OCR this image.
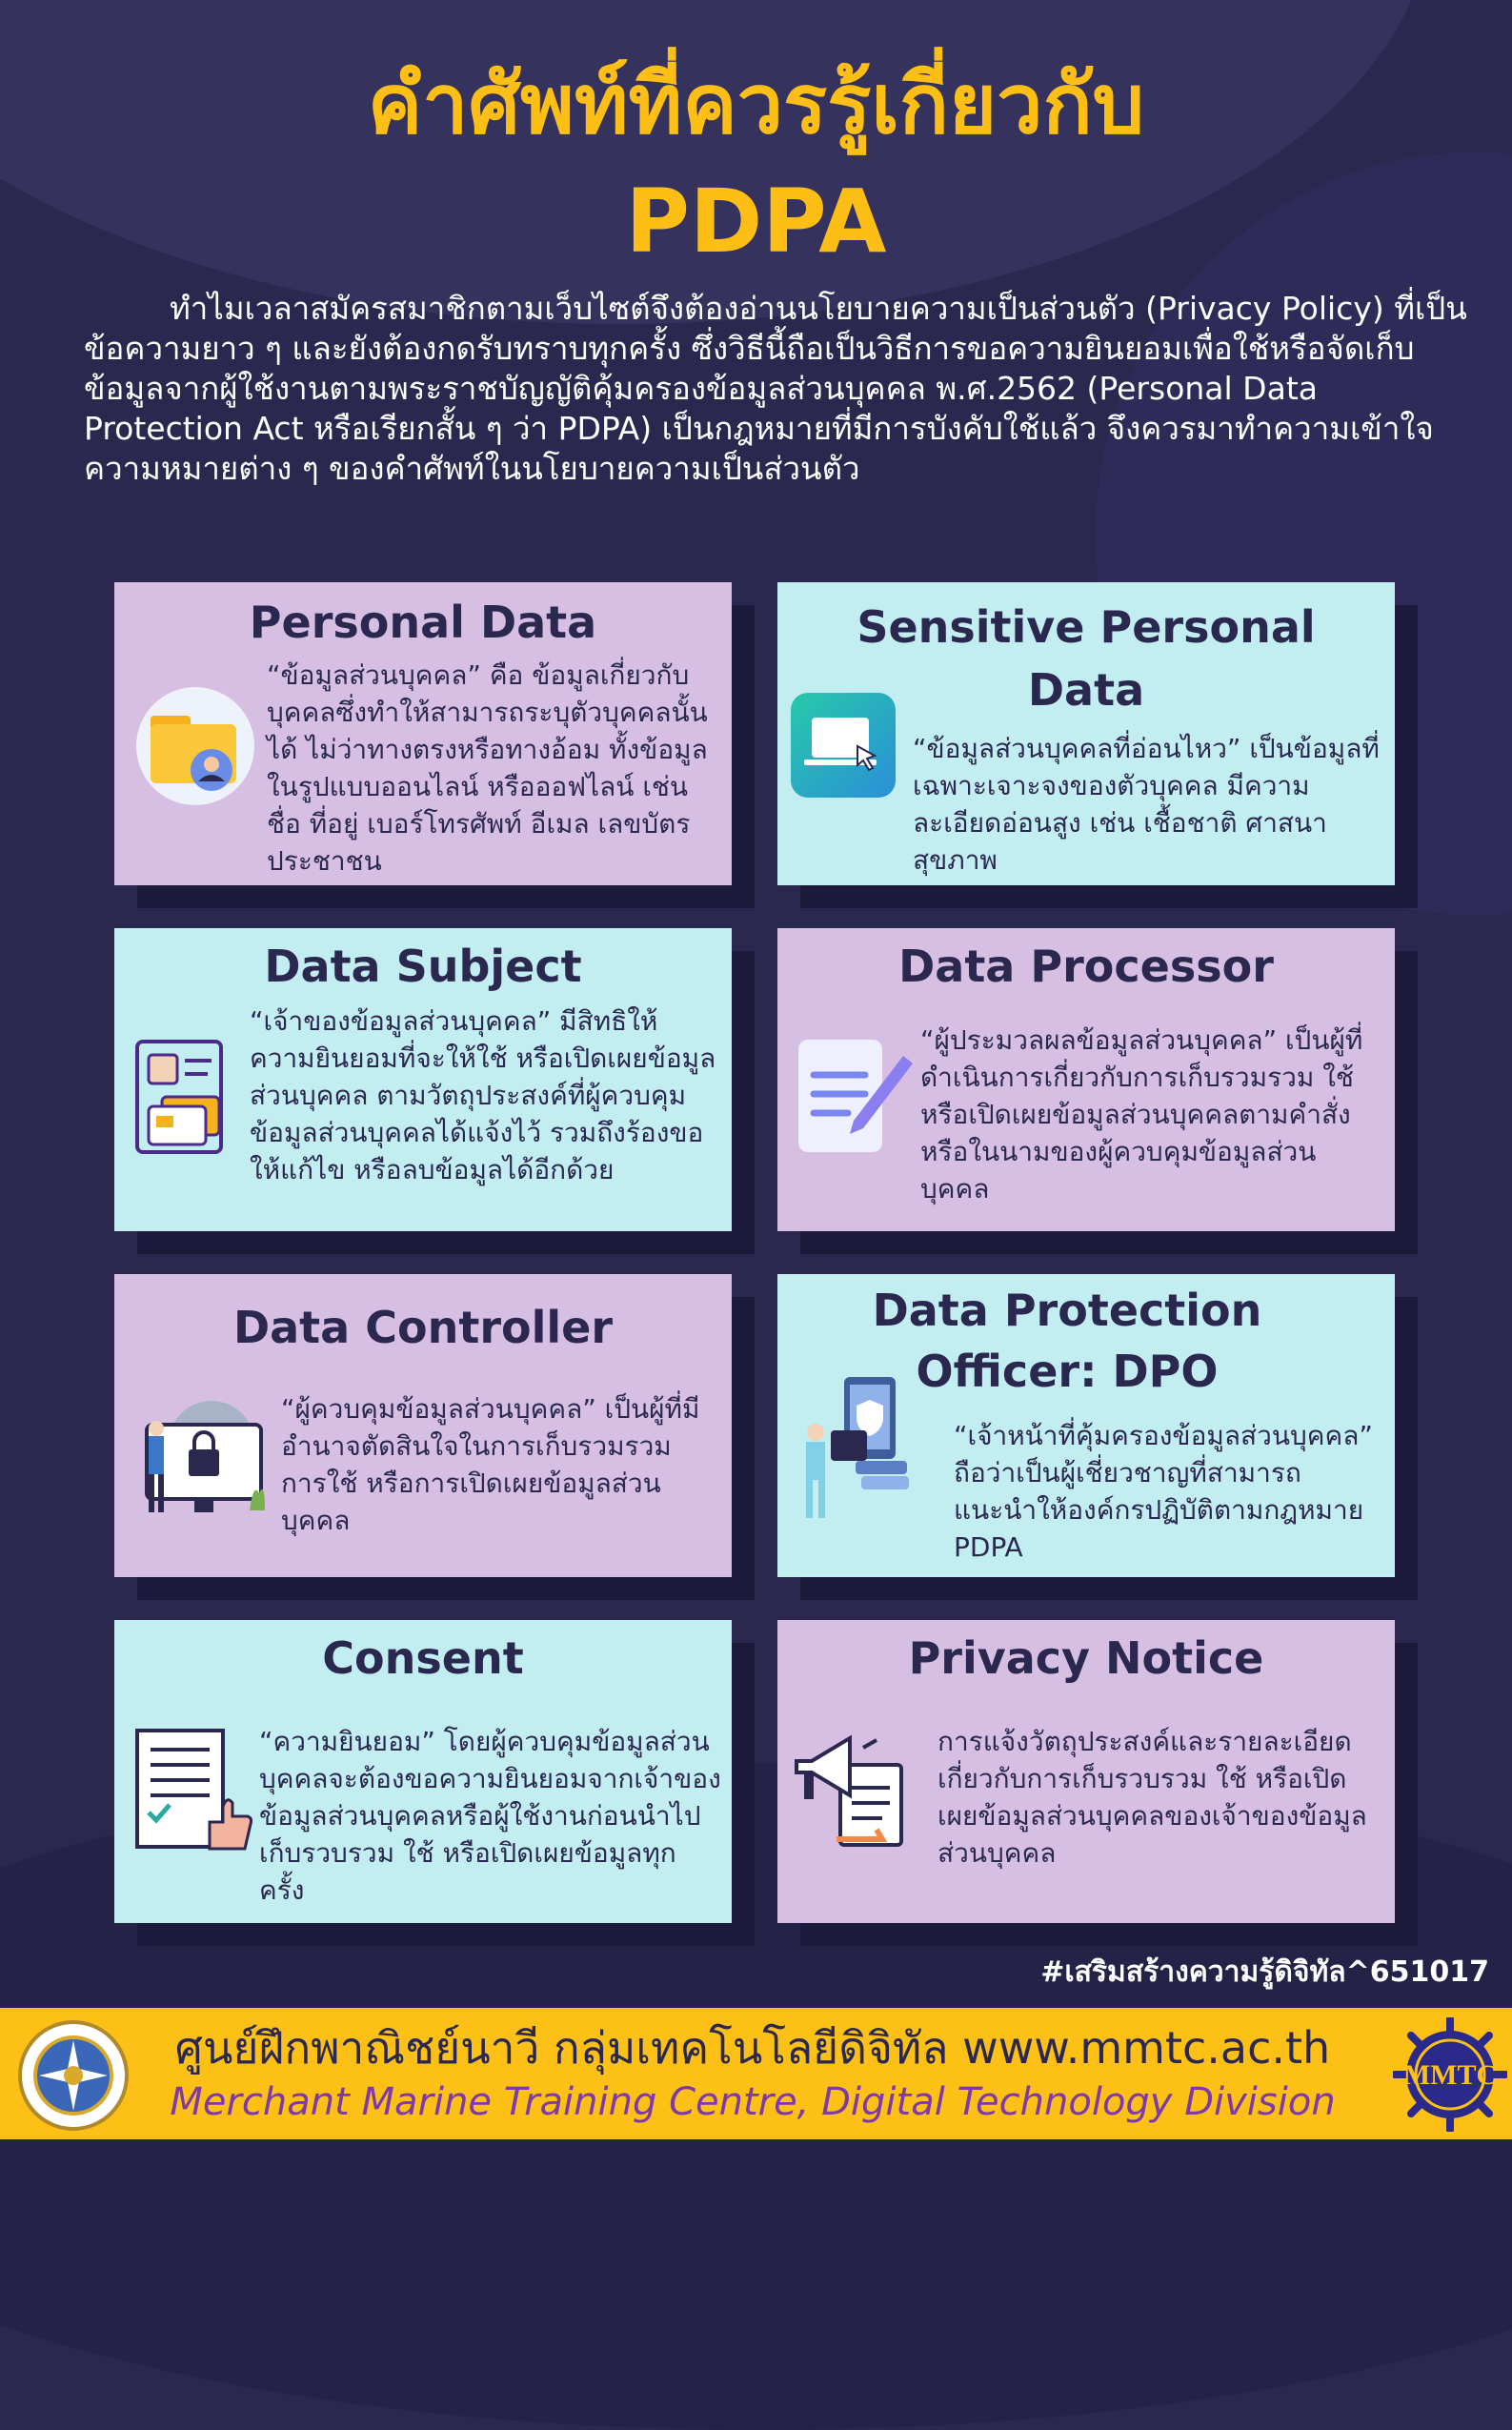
คำศัพท์ที่ควรรู้เกี่ยวกับ
PDPA
ทำไมเวลาสมัครสมาชิกตามเว็บไซต์จึงต้องอ่านนโยบายความเป็นส่วนตัว (Privacy Policy) ที่เป็นข้อความยาว ๆ และยังต้องกดรับทราบทุกครั้ง ซึ่งวิธีนี้ถือเป็นวิธีการขอความยินยอมเพื่อใช้หรือจัดเก็บข้อมูลจากผู้ใช้งานตามพระราชบัญญัติคุ้มครองข้อมูลส่วนบุคคล พ.ศ.2562 (Personal Data Protection Act หรือเรียกสั้น ๆ ว่า PDPA) เป็นกฎหมายที่มีการบังคับใช้แล้ว จึงควรมาทำความเข้าใจความหมายต่าง ๆ ของคำศัพท์ในนโยบายความเป็นส่วนตัว
Personal Data
“ข้อมูลส่วนบุคคล” คือ ข้อมูลเกี่ยวกับบุคคลซึ่งทำให้สามารถระบุตัวบุคคลนั้นได้ ไม่ว่าทางตรงหรือทางอ้อม ทั้งข้อมูลในรูปแบบออนไลน์ หรือออฟไลน์ เช่น ชื่อ ที่อยู่ เบอร์โทรศัพท์ อีเมล เลขบัตรประชาชน
Sensitive Personal Data
“ข้อมูลส่วนบุคคลที่อ่อนไหว” เป็นข้อมูลที่เฉพาะเจาะจงของตัวบุคคล มีความละเอียดอ่อนสูง เช่น เชื้อชาติ ศาสนา สุขภาพ
Data Subject
“เจ้าของข้อมูลส่วนบุคคล” มีสิทธิให้ความยินยอมที่จะให้ใช้ หรือเปิดเผยข้อมูลส่วนบุคคล ตามวัตถุประสงค์ที่ผู้ควบคุมข้อมูลส่วนบุคคลได้แจ้งไว้ รวมถึงร้องขอให้แก้ไข หรือลบข้อมูลได้อีกด้วย
Data Processor
“ผู้ประมวลผลข้อมูลส่วนบุคคล” เป็นผู้ที่ดำเนินการเกี่ยวกับการเก็บรวมรวม ใช้ หรือเปิดเผยข้อมูลส่วนบุคคลตามคำสั่งหรือในนามของผู้ควบคุมข้อมูลส่วนบุคคล
Data Controller
“ผู้ควบคุมข้อมูลส่วนบุคคล” เป็นผู้ที่มีอำนาจตัดสินใจในการเก็บรวมรวม การใช้ หรือการเปิดเผยข้อมูลส่วนบุคคล
Data Protection Officer: DPO
“เจ้าหน้าที่คุ้มครองข้อมูลส่วนบุคคล” ถือว่าเป็นผู้เชี่ยวชาญที่สามารถแนะนำให้องค์กรปฏิบัติตามกฎหมาย PDPA
Consent
“ความยินยอม” โดยผู้ควบคุมข้อมูลส่วนบุคคลจะต้องขอความยินยอมจากเจ้าของข้อมูลส่วนบุคคลหรือผู้ใช้งานก่อนนำไปเก็บรวบรวม ใช้ หรือเปิดเผยข้อมูลทุกครั้ง
Privacy Notice
การแจ้งวัตถุประสงค์และรายละเอียดเกี่ยวกับการเก็บรวบรวม ใช้ หรือเปิดเผยข้อมูลส่วนบุคคลของเจ้าของข้อมูลส่วนบุคคล
#เสริมสร้างความรู้ดิจิทัล^651017
ศูนย์ฝึกพาณิชย์นาวี กลุ่มเทคโนโลยีดิจิทัล www.mmtc.ac.th
Merchant Marine Training Centre, Digital Technology Division
MMTC
